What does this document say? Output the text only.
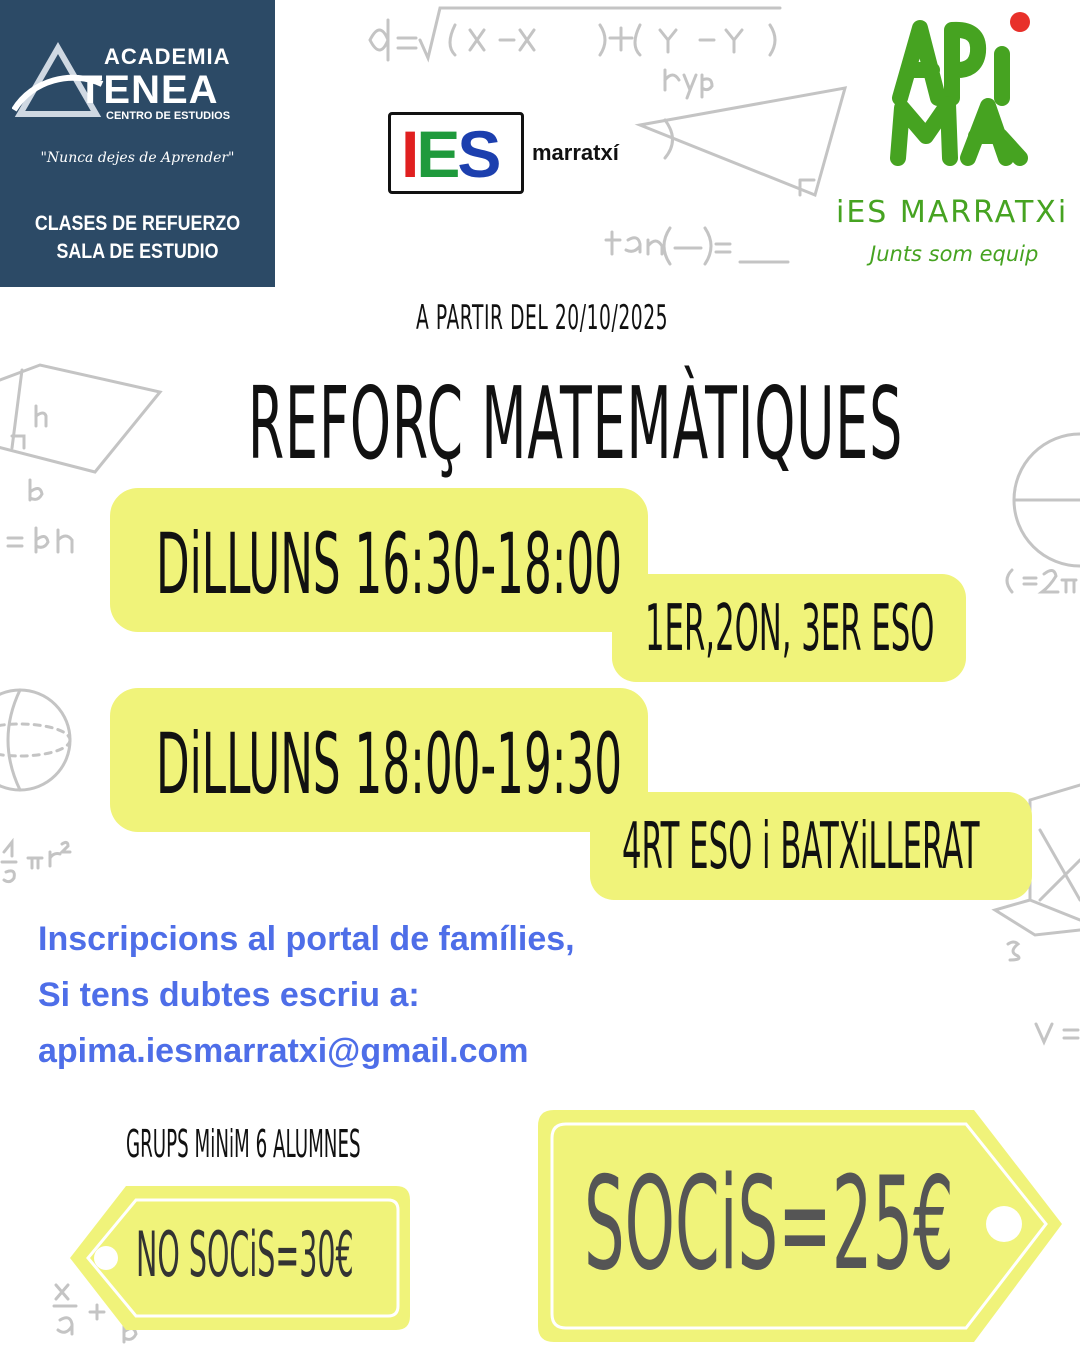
ACADEMIA
TENEA
CENTRO DE ESTUDIOS
"Nunca dejes de Aprender"
CLASES DE REFUERZO
SALA DE ESTUDIO
IES marratxí
iES MARRATXi
Junts som equip
A PARTIR DEL 20/10/2025
REFORÇ MATEMÀTIQUES
DiLLUNS 16:30-18:00
1ER,2ON, 3ER ESO
DiLLUNS 18:00-19:30
4RT ESO i BATXiLLERAT
Inscripcions al portal de famílies,
Si tens dubtes escriu a:
apima.iesmarratxi@gmail.com
GRUPS MiNiM 6 ALUMNES
NO SOCiS=30€ SOCiS=25€
